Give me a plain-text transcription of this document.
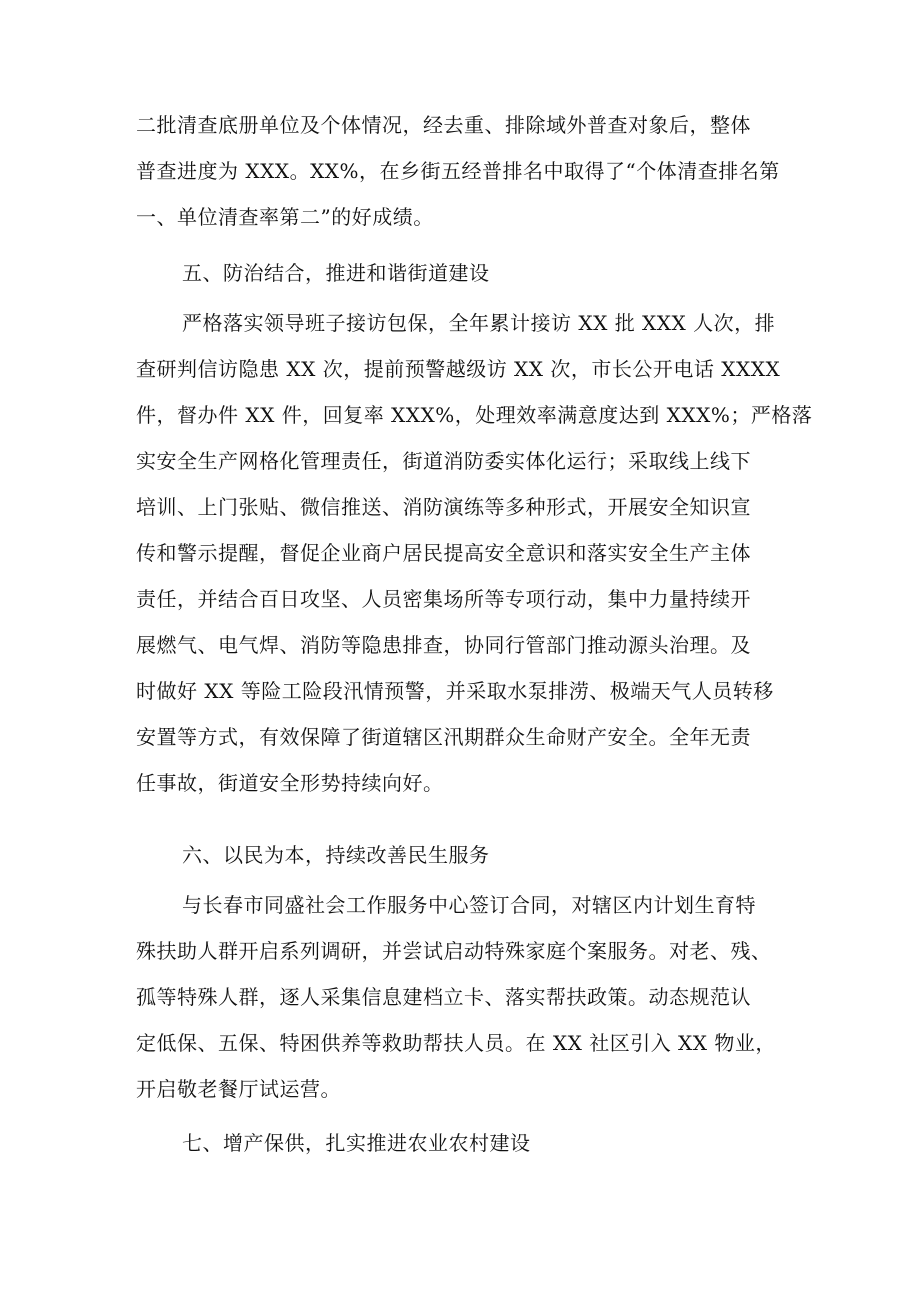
二批清查底册单位及个体情况，经去重、排除域外普查对象后，整体
普查进度为 XXX。XX%，在乡街五经普排名中取得了“个体清查排名第
一、单位清查率第二”的好成绩。
五、防治结合，推进和谐街道建设
严格落实领导班子接访包保，全年累计接访 XX 批 XXX 人次，排
查研判信访隐患 XX 次，提前预警越级访 XX 次，市长公开电话 XXXX
件，督办件 XX 件，回复率 XXX%，处理效率满意度达到 XXX%；严格落
实安全生产网格化管理责任，街道消防委实体化运行；采取线上线下
培训、上门张贴、微信推送、消防演练等多种形式，开展安全知识宣
传和警示提醒，督促企业商户居民提高安全意识和落实安全生产主体
责任，并结合百日攻坚、人员密集场所等专项行动，集中力量持续开
展燃气、电气焊、消防等隐患排查，协同行管部门推动源头治理。及
时做好 XX 等险工险段汛情预警，并采取水泵排涝、极端天气人员转移
安置等方式，有效保障了街道辖区汛期群众生命财产安全。全年无责
任事故，街道安全形势持续向好。
六、以民为本，持续改善民生服务
与长春市同盛社会工作服务中心签订合同，对辖区内计划生育特
殊扶助人群开启系列调研，并尝试启动特殊家庭个案服务。对老、残、
孤等特殊人群，逐人采集信息建档立卡、落实帮扶政策。动态规范认
定低保、五保、特困供养等救助帮扶人员。在 XX 社区引入 XX 物业，
开启敬老餐厅试运营。
七、增产保供，扎实推进农业农村建设
